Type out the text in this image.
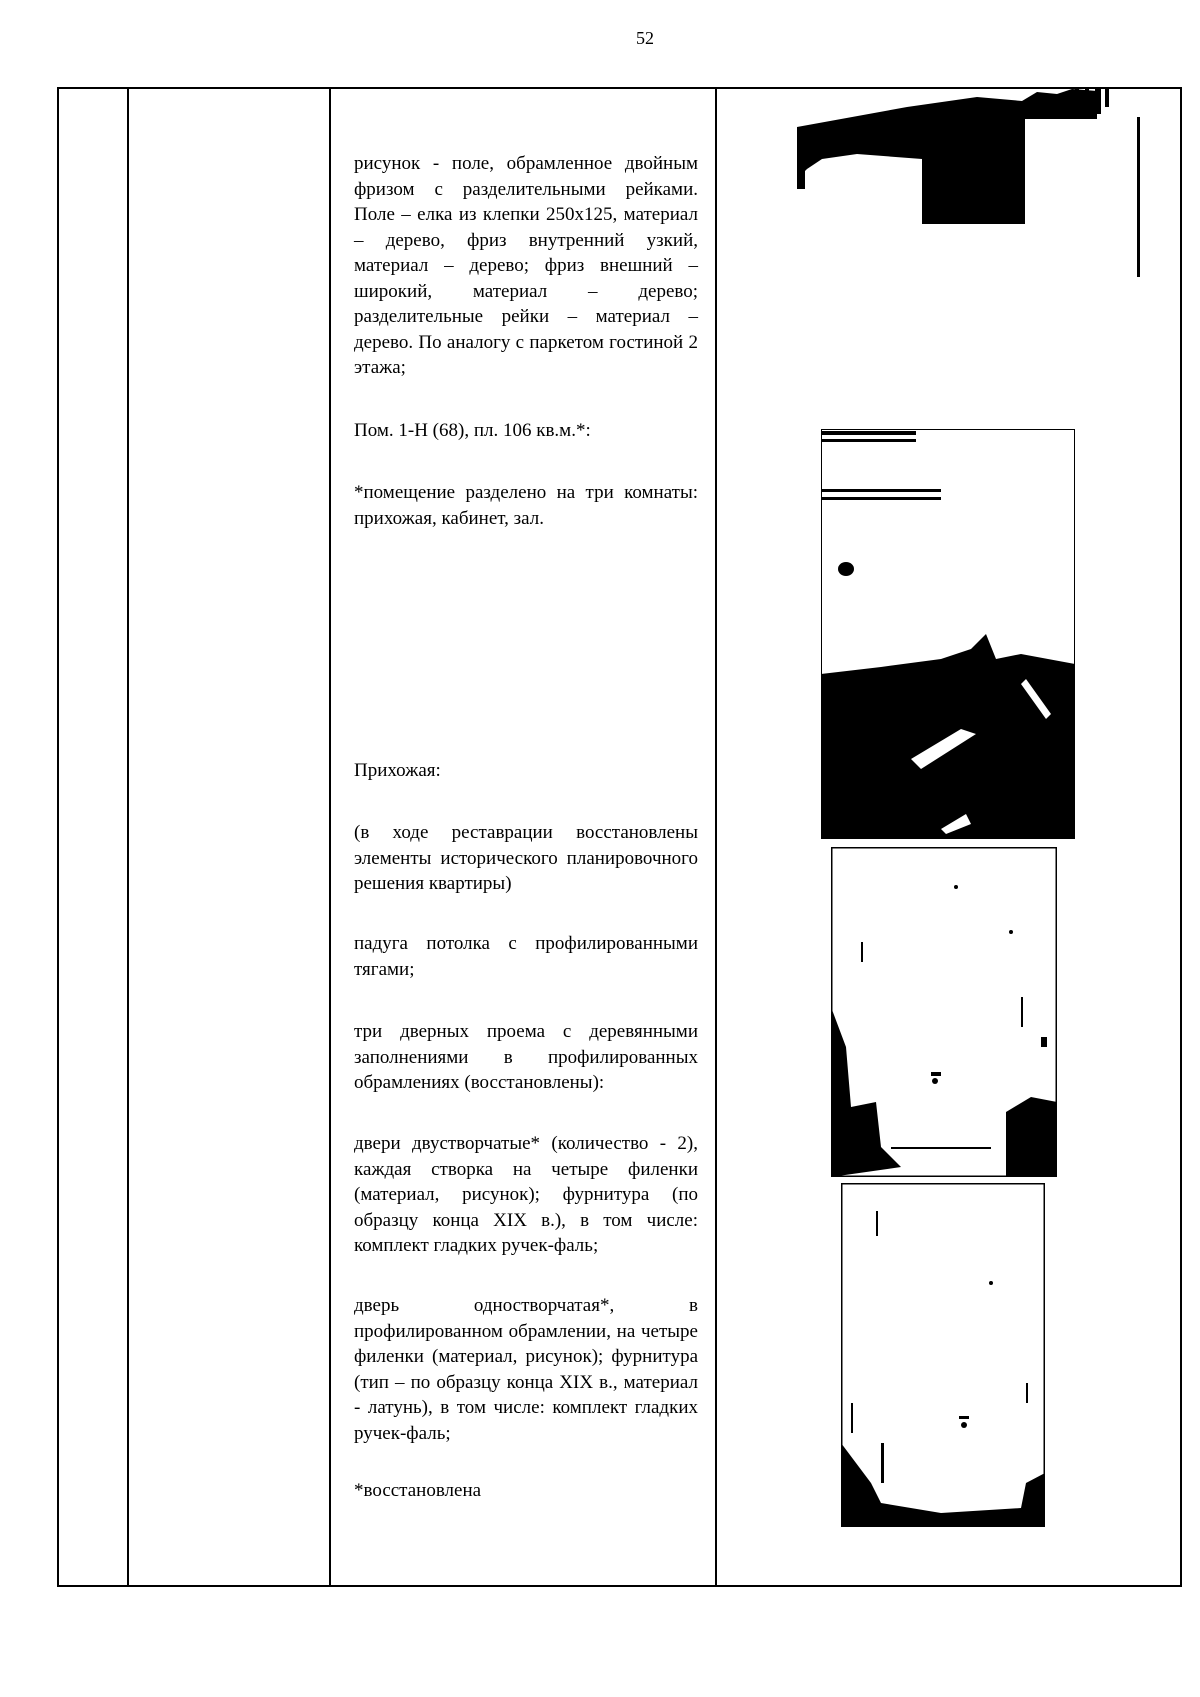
52

рисунок - поле, обрамленное двойным фризом с разделительными рейками. Поле – елка из клепки 250х125, материал – дерево, фриз внутренний узкий, материал – дерево; фриз внешний – широкий, материал – дерево; разделительные рейки – материал – дерево. По аналогу с паркетом гостиной 2 этажа;

Пом. 1-Н (68), пл. 106 кв.м.*:

*помещение разделено на три комнаты: прихожая, кабинет, зал.

Прихожая:

(в ходе реставрации восстановлены элементы исторического планировочного решения квартиры)

падуга потолка с профилированными тягами;

три дверных проема с деревянными заполнениями в профилированных обрамлениях (восстановлены):

двери двустворчатые* (количество - 2), каждая створка на четыре филенки (материал, рисунок); фурнитура (по образцу конца XIX в.), в том числе: комплект гладких ручек-фаль;

дверь одностворчатая*, в профилированном обрамлении, на четыре филенки (материал, рисунок); фурнитура (тип – по образцу конца XIX в., материал - латунь), в том числе: комплект гладких ручек-фаль;

*восстановлена
